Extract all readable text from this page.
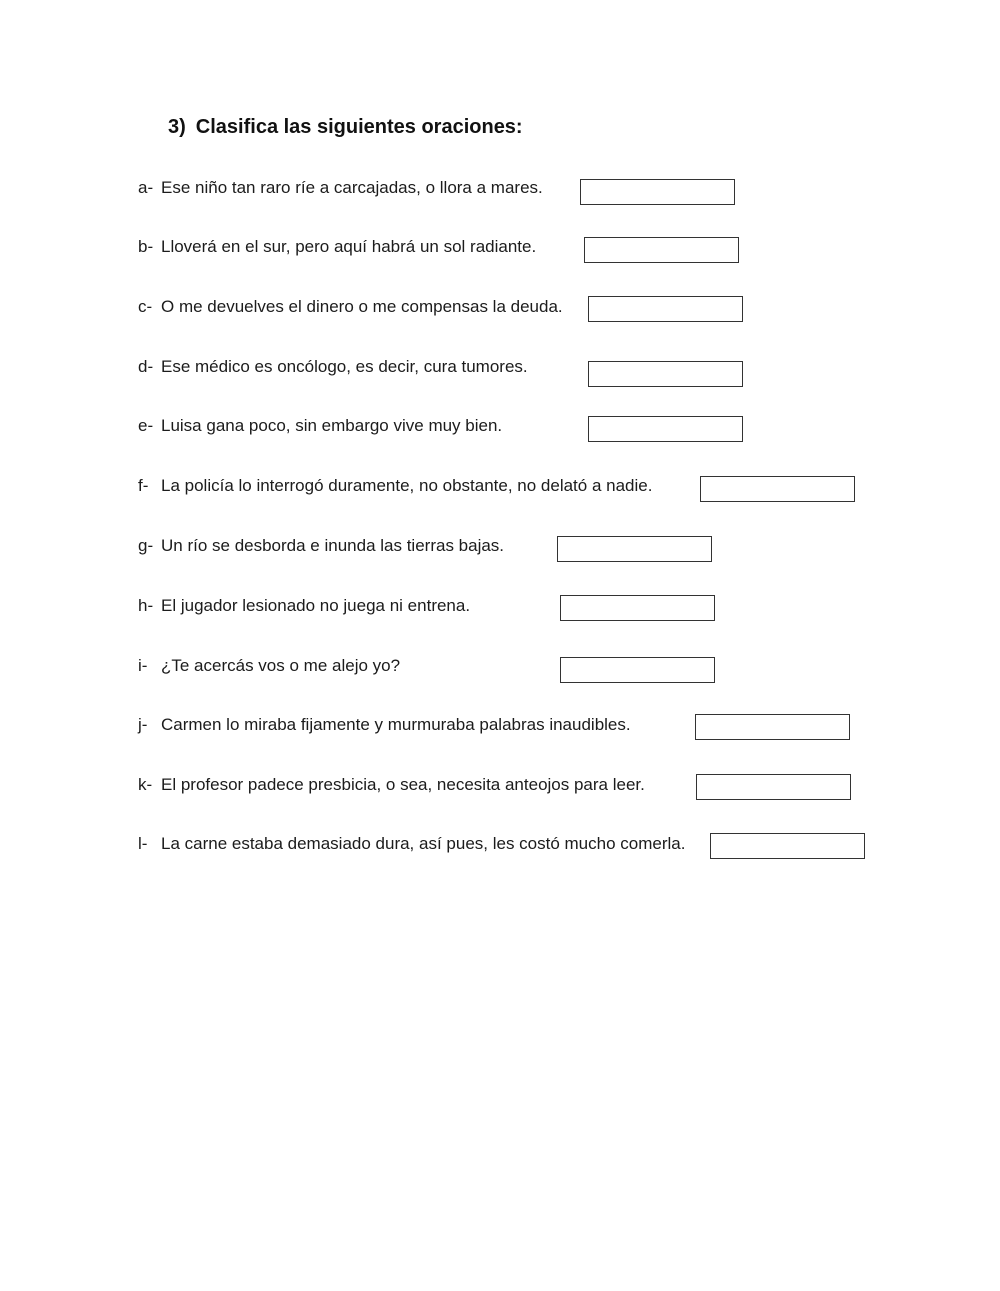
3) Clasifica las siguientes oraciones:
a- Ese niño tan raro ríe a carcajadas, o llora a mares.
b- Lloverá en el sur, pero aquí habrá un sol radiante.
c- O me devuelves el dinero o me compensas la deuda.
d- Ese médico es oncólogo, es decir, cura tumores.
e- Luisa gana poco, sin embargo vive muy bien.
f- La policía lo interrogó duramente, no obstante, no delató a nadie.
g- Un río se desborda e inunda las tierras bajas.
h- El jugador lesionado no juega ni entrena.
i- ¿Te acercás vos o me alejo yo?
j- Carmen lo miraba fijamente y murmuraba palabras inaudibles.
k- El profesor padece presbicia, o sea, necesita anteojos para leer.
l- La carne estaba demasiado dura, así pues, les costó mucho comerla.
